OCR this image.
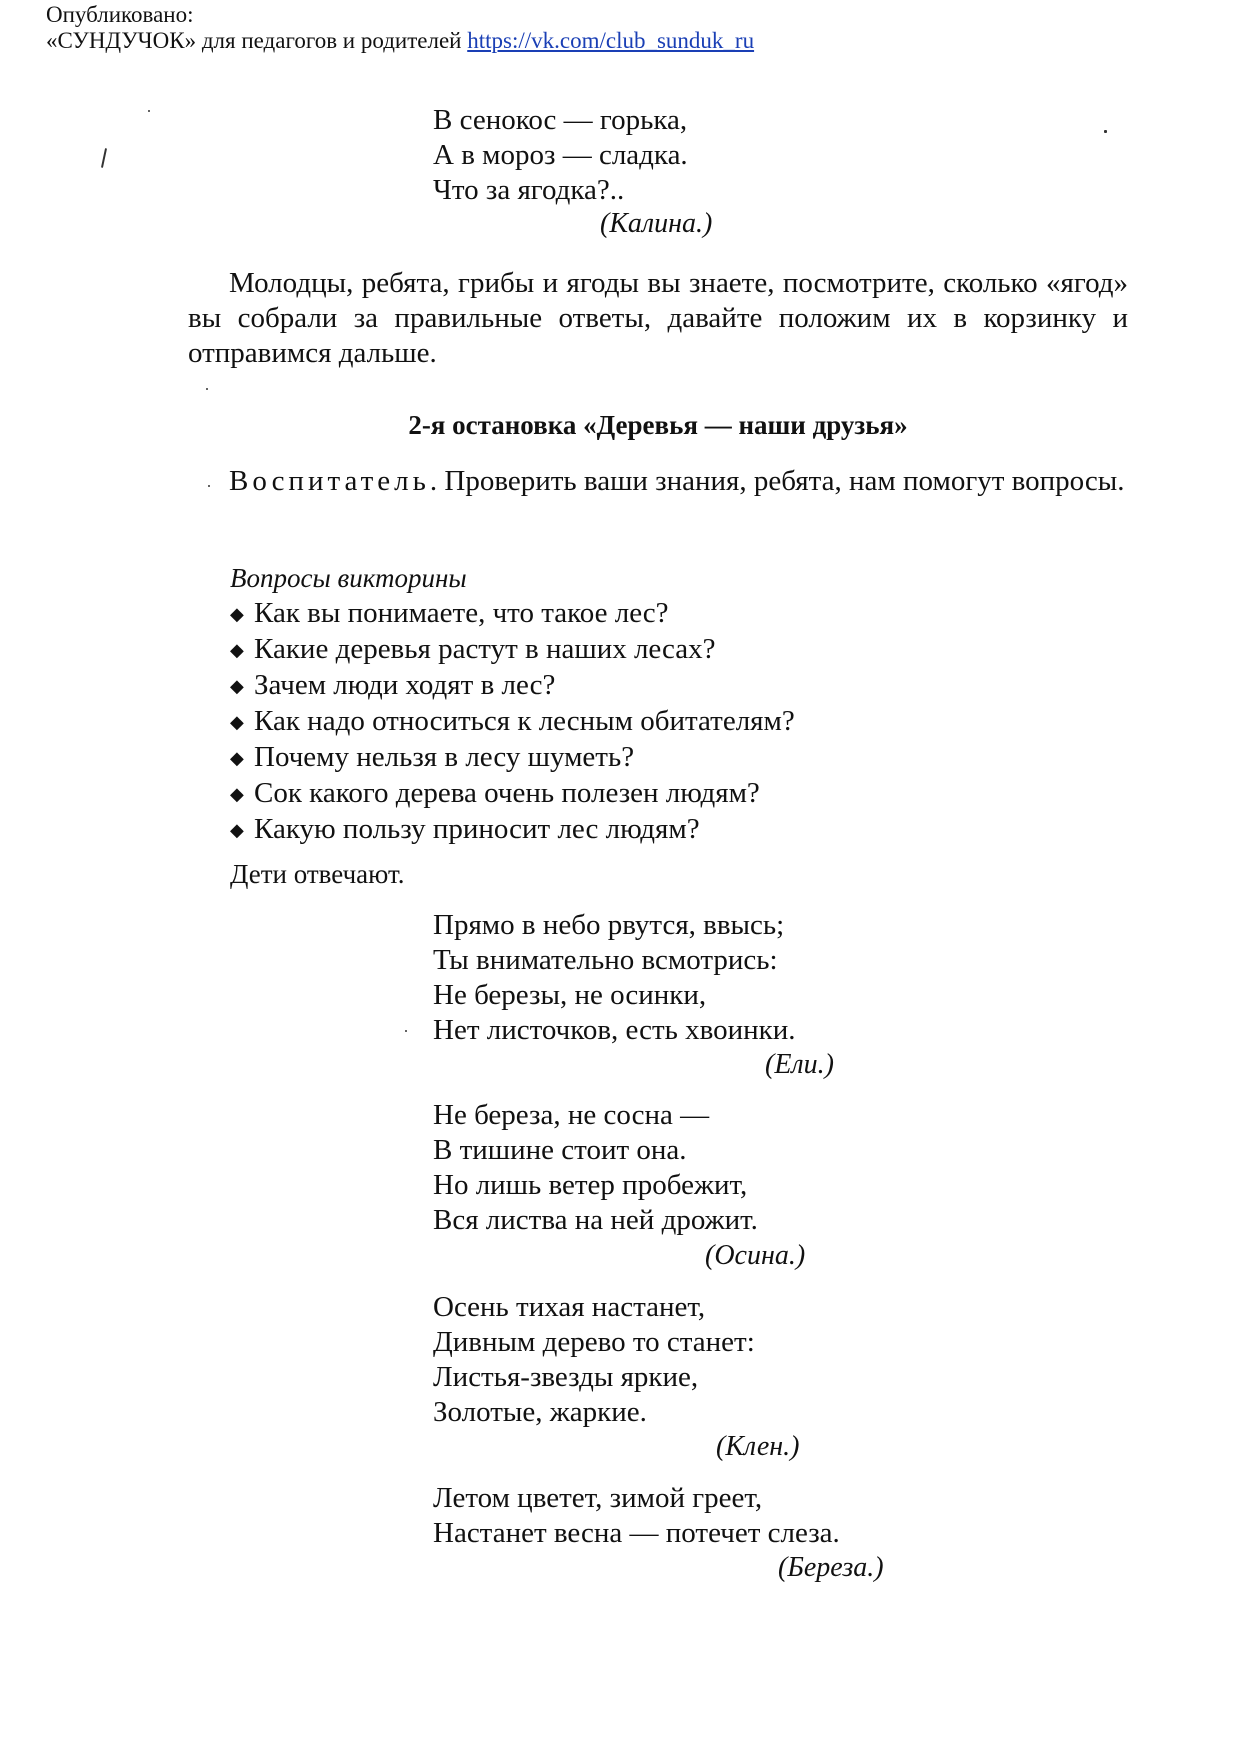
Опубликовано:
«СУНДУЧОК» для педагогов и родителей https://vk.com/club_sunduk_ru
В сенокос — горька,
А в мороз — сладка.
Что за ягодка?..
(Калина.)
Молодцы, ребята, грибы и ягоды вы знаете, посмотрите, сколько «ягод» вы собрали за правильные ответы, давайте положим их в корзинку и отправимся дальше.
2-я остановка «Деревья — наши друзья»
Воспитатель. Проверить ваши знания, ребята, нам помогут вопросы.
Вопросы викторины
◆ Как вы понимаете, что такое лес?
◆ Какие деревья растут в наших лесах?
◆ Зачем люди ходят в лес?
◆ Как надо относиться к лесным обитателям?
◆ Почему нельзя в лесу шуметь?
◆ Сок какого дерева очень полезен людям?
◆ Какую пользу приносит лес людям?
Дети отвечают.
Прямо в небо рвутся, ввысь;
Ты внимательно всмотрись:
Не березы, не осинки,
Нет листочков, есть хвоинки.
(Ели.)
Не береза, не сосна —
В тишине стоит она.
Но лишь ветер пробежит,
Вся листва на ней дрожит.
(Осина.)
Осень тихая настанет,
Дивным дерево то станет:
Листья-звезды яркие,
Золотые, жаркие.
(Клен.)
Летом цветет, зимой греет,
Настанет весна — потечет слеза.
(Береза.)
